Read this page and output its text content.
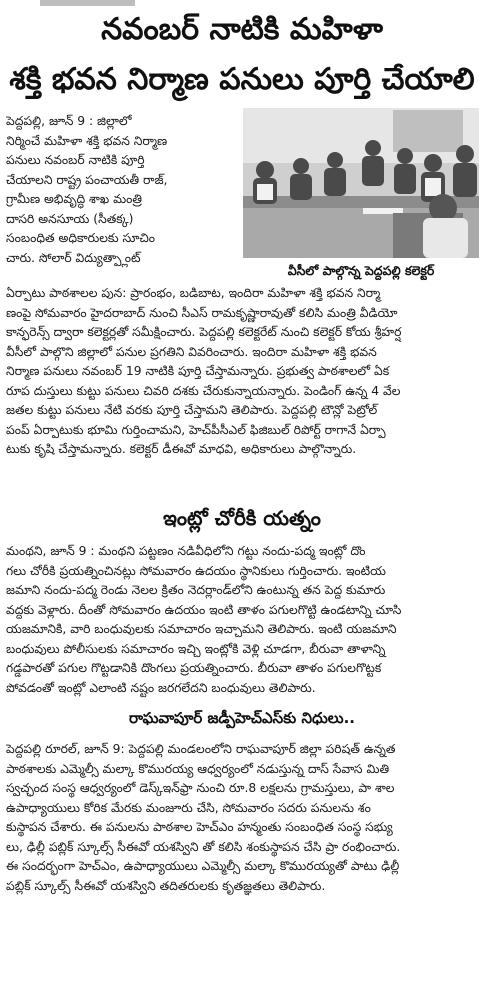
నవంబర్ నాటికి మహిళా
శక్తి భవన నిర్మాణ పనులు పూర్తి చేయాలి
పెద్దపల్లి, జూన్ 9 : జిల్లాలో
నిర్మించే మహిళా శక్తి భవన నిర్మాణ
పనులు నవంబర్ నాటికి పూర్తి
చేయాలని రాష్ట్ర పంచాయతీ రాజ్,
గ్రామీణ అభివృద్ధి శాఖ మంత్రి
దాసరి అనసూయ (సీతక్క)
సంబంధిత అధికారులకు సూచిం
చారు. సోలార్ విద్యుత్ప్లాంట్
వీసీలో పాల్గొన్న పెద్దపల్లి కలెక్టర్
ఏర్పాటు పాఠశాలల పున: ప్రారంభం, బడిబాట, ఇందిరా మహిళా శక్తి భవన నిర్మా
ణంపై సోమవారం హైదరాబాద్ నుంచి సీఎస్ రామకృష్ణారావుతో కలిసి మంత్రి వీడియో
కాన్ఫరెన్స్ ద్వారా కలెక్టర్లతో సమీక్షించారు. పెద్దపల్లి కలెక్టరేట్ నుంచి కలెక్టర్ కోయ శ్రీహర్ష
వీసీలో పాల్గొని జిల్లాలో పనుల ప్రగతిని వివరించారు. ఇందిరా మహిళా శక్తి భవన
నిర్మాణ పనులు నవంబర్ 19 నాటికి పూర్తి చేస్తామన్నారు. ప్రభుత్వ పాఠశాలలో ఏక
రూప దుస్తులు కుట్టు పనులు చివరి దశకు చేరుకున్నాయన్నారు. పెండింగ్ ఉన్న 4 వేల
జతల కుట్టు పనులు నేటి వరకు పూర్తి చేస్తామని తెలిపారు. పెద్దపల్లి టౌన్లో పెట్రోల్
పంప్ ఏర్పాటుకు భూమి గుర్తించామని, హెచ్‌పీసీఎల్ ఫిజిబుల్ రిపోర్ట్ రాగానే ఏర్పా
టుకు కృషి చేస్తామన్నారు. కలెక్టర్ డీఈవో మాధవి, అధికారులు పాల్గొన్నారు.
ఇంట్లో చోరీకి యత్నం
మంథని, జూన్ 9 : మంథని పట్టణం నడివీధిలోని గట్టు నందు-పద్మ ఇంట్లో దొం
గలు చోరీకి ప్రయత్నించినట్లు సోమవారం ఉదయం స్థానికులు గుర్తించారు. ఇంటియ
జమాని నందు-పద్మ రెండు నెలల క్రితం నెదర్లాండ్‌లోని ఉంటున్న తన పెద్ద కుమారు
వద్దకు వెళ్లారు. దీంతో సోమవారం ఉదయం ఇంటి తాళం పగులగొట్టి ఉండటాన్ని చూసి
యజమానికి, వారి బంధువులకు సమాచారం ఇచ్చామని తెలిపారు. ఇంటి యజమాని
బంధువులు పోలీసులకు సమాచారం ఇచ్చి ఇంట్లోకి వెళ్లి చూడగా, బీరువా తాళాన్ని
గడ్డపారతో పగుల గొట్టడానికి దొంగలు ప్రయత్నించారు. బీరువా తాళం పగులగొట్టక
పోవడంతో ఇంట్లో ఎలాంటి నష్టం జరగలేదని బంధువులు తెలిపారు.
రాఘవాపూర్ జడ్పీహెచ్ఎస్‌కు నిధులు..
పెద్దపల్లి రూరల్, జూన్ 9: పెద్దపల్లి మండలంలోని రాఘవాపూర్ జిల్లా పరిషత్ ఉన్నత
పాఠశాలకు ఎమ్మెల్సీ మల్కా కొమురయ్య ఆధ్వర్యంలో నడుస్తున్న దాస్ సేవాస మితి
స్వచ్ఛంద సంస్థ ఆధ్వర్యంలో డెస్క్‌ఇన్‌ఫ్రా నుంచి రూ.8 లక్షలను గ్రామస్తులు, పా శాల
ఉపాధ్యాయులు కోరిక మేరకు మంజూరు చేసి, సోమవారం సదరు పనులను శం
కుస్థాపన చేశారు. ఈ పనులను పాఠశాల హెచ్ఎం హన్మంతు సంబంధిత సంస్థ సభ్యు
లు, ఢిల్లీ పబ్లిక్ స్కూల్స్ సీఈవో యశస్విని తో కలిసి శంకుస్థాపన చేసి ప్రా రంభించారు.
ఈ సందర్భంగా హెచ్ఎం, ఉపాధ్యాయులు ఎమ్మెల్సీ మల్కా కొమురయ్యతో పాటు ఢిల్లీ
పబ్లిక్ స్కూల్స్ సీఈవో యశస్విని తదితరులకు కృతజ్ఞతలు తెలిపారు.
